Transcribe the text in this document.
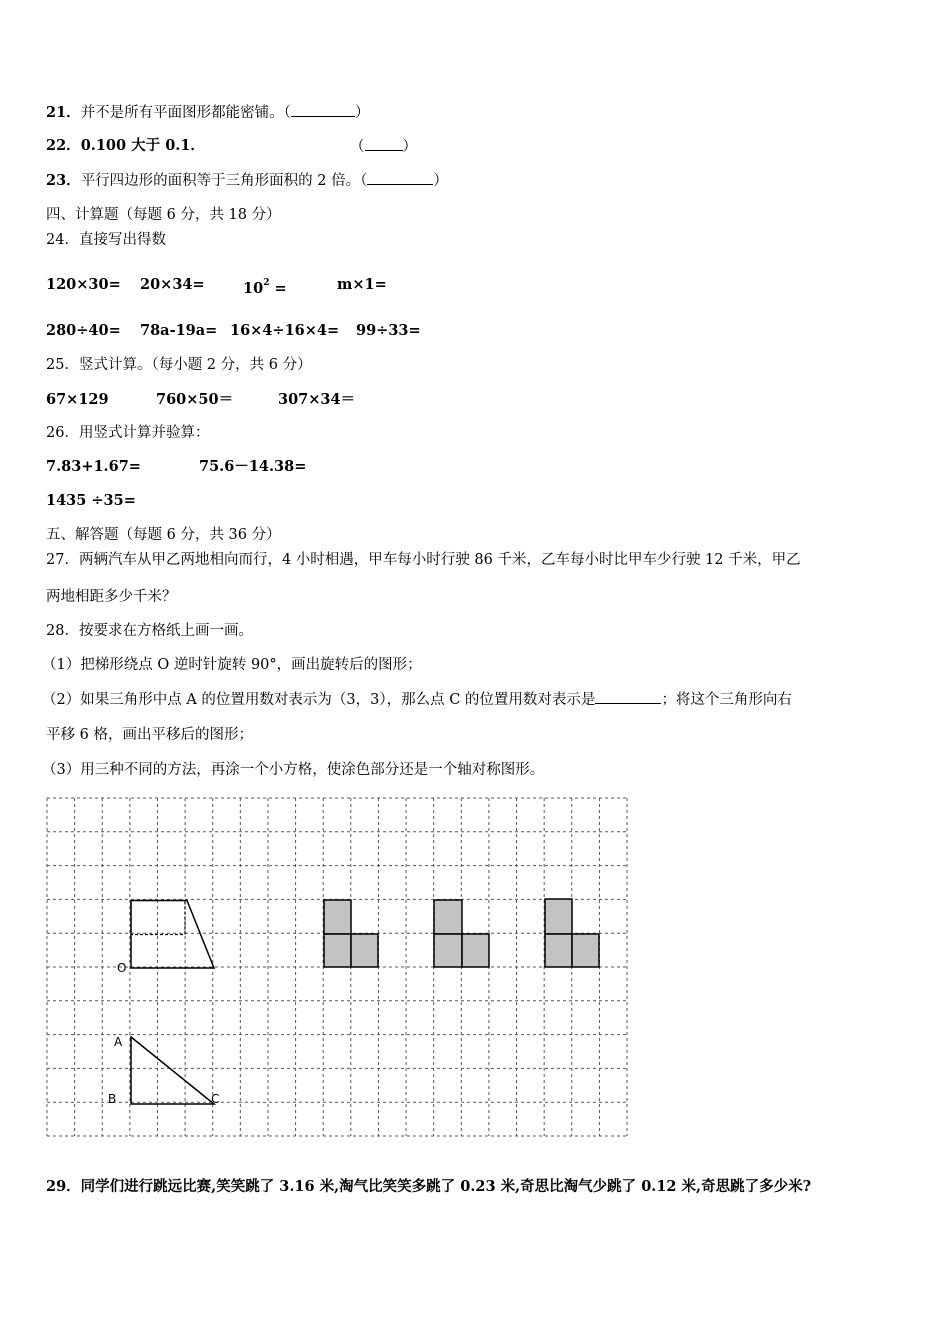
21．并不是所有平面图形都能密铺。（	）
22．0.100 大于 0.1．	（	）
23．平行四边形的面积等于三角形面积的 2 倍。（	）
四、计算题（每题 6 分，共 18 分）
24．直接写出得数
120×30= 20×34=	$10^2$ =	m×1=
280÷40= 78a-19a= 16×4÷16×4= 99÷33=
25．竖式计算。（每小题 2 分，共 6 分）
67×129	760×50＝	307×34＝
26．用竖式计算并验算：
7.83+1.67=	75.6－14.38=
1435 ÷35=
五、解答题（每题 6 分，共 36 分）
27．两辆汽车从甲乙两地相向而行，4 小时相遇，甲车每小时行驶 86 千米，乙车每小时比甲车少行驶 12 千米，甲乙
两地相距多少千米？
28．按要求在方格纸上画一画。
（1）把梯形绕点 O 逆时针旋转 90°，画出旋转后的图形；
（2）如果三角形中点 A 的位置用数对表示为（3，3），那么点 C 的位置用数对表示是	；将这个三角形向右
平移 6 格，画出平移后的图形；
（3）用三种不同的方法，再涂一个小方格，使涂色部分还是一个轴对称图形。
O
A
B	C
29．同学们进行跳远比赛,笑笑跳了 3.16 米,淘气比笑笑多跳了 0.23 米,奇思比淘气少跳了 0.12 米,奇思跳了多少米?
